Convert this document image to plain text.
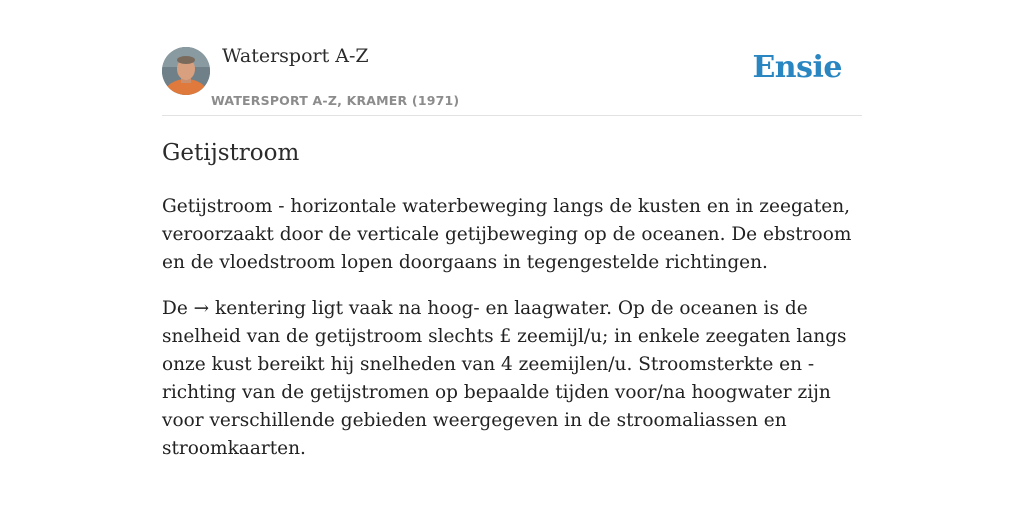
Watersport A-Z
WATERSPORT A-Z, KRAMER (1971)
Ensie
Getijstroom

Getijstroom - horizontale waterbeweging langs de kusten en in zeegaten, veroorzaakt door de verticale getijbeweging op de oceanen. De ebstroom en de vloedstroom lopen doorgaans in tegengestelde richtingen.

De → kentering ligt vaak na hoog- en laagwater. Op de oceanen is de snelheid van de getijstroom slechts £ zeemijl/u; in enkele zeegaten langs onze kust bereikt hij snelheden van 4 zeemijlen/u. Stroomsterkte en -richting van de getijstromen op bepaalde tijden voor/na hoogwater zijn voor verschillende gebieden weergegeven in de stroomaliassen en stroomkaarten.
